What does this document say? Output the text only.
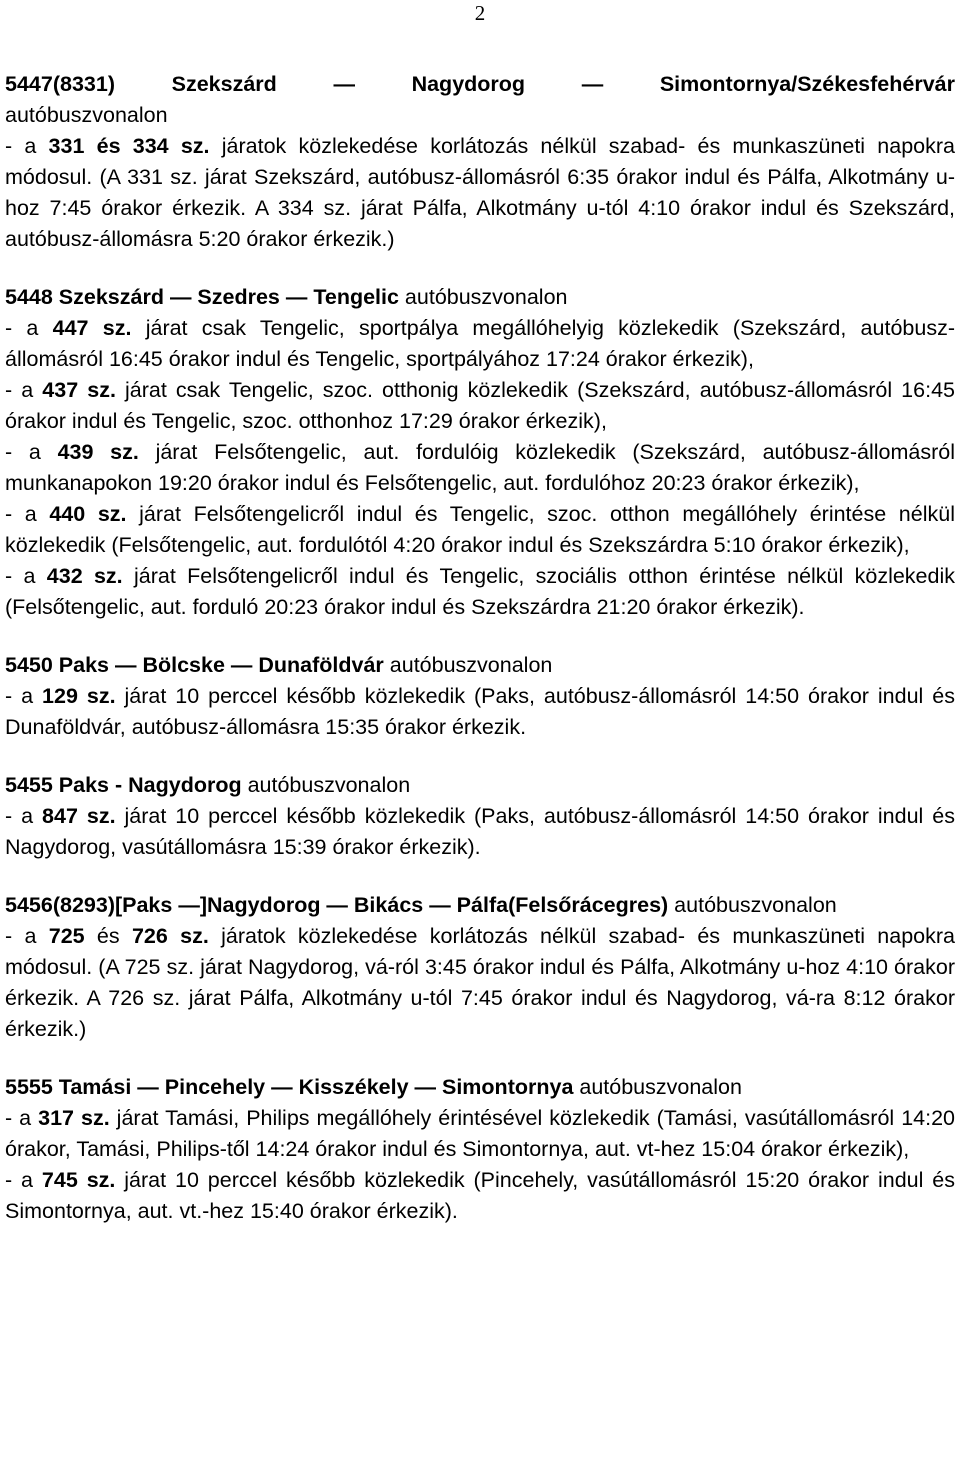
2
5447(8331)	Szekszárd	—	Nagydorog	—	Simontornya/Székesfehérvár
autóbuszvonalon
- a 331 és 334 sz. járatok közlekedése korlátozás nélkül szabad- és munkaszüneti napokra módosul. (A 331 sz. járat Szekszárd, autóbusz-állomásról 6:35 órakor indul és Pálfa, Alkotmány u-hoz 7:45 órakor érkezik. A 334 sz. járat Pálfa, Alkotmány u-tól 4:10 órakor indul és Szekszárd, autóbusz-állomásra 5:20 órakor érkezik.)
5448 Szekszárd — Szedres — Tengelic autóbuszvonalon
- a 447 sz. járat csak Tengelic, sportpálya megállóhelyig közlekedik (Szekszárd, autóbusz-állomásról 16:45 órakor indul és Tengelic, sportpályához 17:24 órakor érkezik),
- a 437 sz. járat csak Tengelic, szoc. otthonig közlekedik (Szekszárd, autóbusz-állomásról 16:45 órakor indul és Tengelic, szoc. otthonhoz 17:29 órakor érkezik),
- a 439 sz. járat Felsőtengelic, aut. fordulóig közlekedik (Szekszárd, autóbusz-állomásról munkanapokon 19:20 órakor indul és Felsőtengelic, aut. fordulóhoz 20:23 órakor érkezik),
- a 440 sz. járat Felsőtengelicről indul és Tengelic, szoc. otthon megállóhely érintése nélkül közlekedik (Felsőtengelic, aut. fordulótól 4:20 órakor indul és Szekszárdra 5:10 órakor érkezik),
- a 432 sz. járat Felsőtengelicről indul és Tengelic, szociális otthon érintése nélkül közlekedik (Felsőtengelic, aut. forduló 20:23 órakor indul és Szekszárdra 21:20 órakor érkezik).
5450 Paks — Bölcske — Dunaföldvár autóbuszvonalon
- a 129 sz. járat 10 perccel később közlekedik (Paks, autóbusz-állomásról 14:50 órakor indul és Dunaföldvár, autóbusz-állomásra 15:35 órakor érkezik.
5455 Paks - Nagydorog autóbuszvonalon
- a 847 sz. járat 10 perccel később közlekedik (Paks, autóbusz-állomásról 14:50 órakor indul és Nagydorog, vasútállomásra 15:39 órakor érkezik).
5456(8293)[Paks —]Nagydorog — Bikács — Pálfa(Felsőrácegres) autóbuszvonalon
- a 725 és 726 sz. járatok közlekedése korlátozás nélkül szabad- és munkaszüneti napokra módosul. (A 725 sz. járat Nagydorog, vá-ról 3:45 órakor indul és Pálfa, Alkotmány u-hoz 4:10 órakor érkezik. A 726 sz. járat Pálfa, Alkotmány u-tól 7:45 órakor indul és Nagydorog, vá-ra 8:12 órakor érkezik.)
5555 Tamási — Pincehely — Kisszékely — Simontornya autóbuszvonalon
- a 317 sz. járat Tamási, Philips megállóhely érintésével közlekedik (Tamási, vasútállomásról 14:20 órakor, Tamási, Philips-től 14:24 órakor indul és Simontornya, aut. vt-hez 15:04 órakor érkezik),
- a 745 sz. járat 10 perccel később közlekedik (Pincehely, vasútállomásról 15:20 órakor indul és Simontornya, aut. vt.-hez 15:40 órakor érkezik).
